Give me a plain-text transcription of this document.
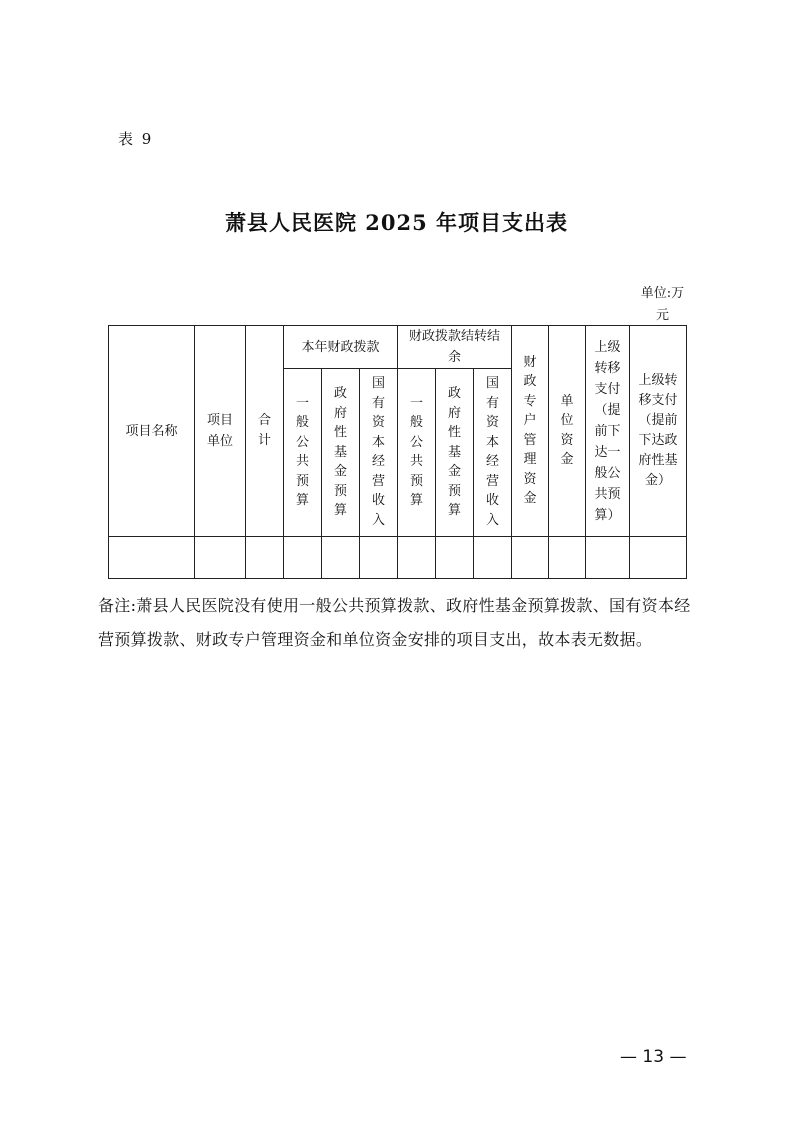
表 9
萧县人民医院 2025 年项目支出表
单位:万元
项目名称	项目单位	合计	本年财政拨款			财政拨款结转结余			财政专户管理资金	单位资金	上级转移支付（提前下达一般公共预算）	上级转移支付（提前下达政府性基金）
			一般公共预算	政府性基金预算	国有资本经营收入	一般公共预算	政府性基金预算	国有资本经营收入				

备注:萧县人民医院没有使用一般公共预算拨款、政府性基金预算拨款、国有资本经营预算拨款、财政专户管理资金和单位资金安排的项目支出，故本表无数据。
— 13 —
